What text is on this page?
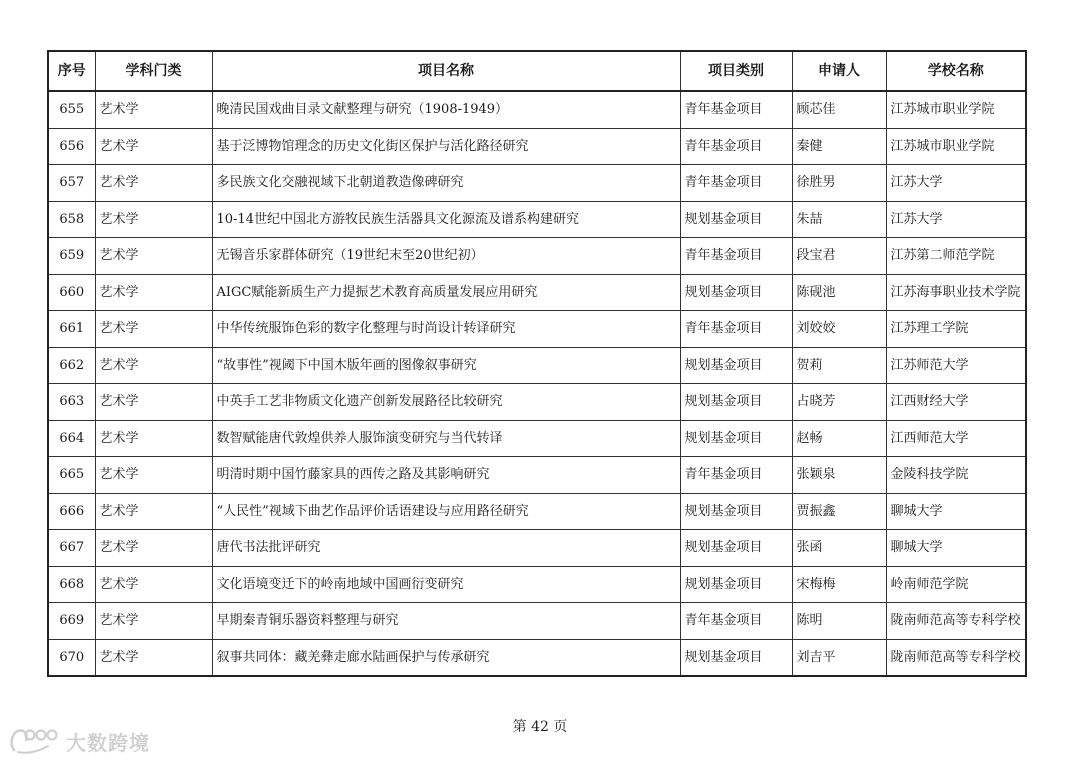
序号	学科门类	项目名称	项目类别	申请人	学校名称
655	艺术学	晚清民国戏曲目录文献整理与研究（1908-1949）	青年基金项目	顾芯佳	江苏城市职业学院
656	艺术学	基于泛博物馆理念的历史文化街区保护与活化路径研究	青年基金项目	秦健	江苏城市职业学院
657	艺术学	多民族文化交融视域下北朝道教造像碑研究	青年基金项目	徐胜男	江苏大学
658	艺术学	10-14世纪中国北方游牧民族生活器具文化源流及谱系构建研究	规划基金项目	朱喆	江苏大学
659	艺术学	无锡音乐家群体研究（19世纪末至20世纪初）	青年基金项目	段宝君	江苏第二师范学院
660	艺术学	AIGC赋能新质生产力提振艺术教育高质量发展应用研究	规划基金项目	陈砚池	江苏海事职业技术学院
661	艺术学	中华传统服饰色彩的数字化整理与时尚设计转译研究	青年基金项目	刘姣姣	江苏理工学院
662	艺术学	“故事性”视阈下中国木版年画的图像叙事研究	规划基金项目	贺莉	江苏师范大学
663	艺术学	中英手工艺非物质文化遗产创新发展路径比较研究	规划基金项目	占晓芳	江西财经大学
664	艺术学	数智赋能唐代敦煌供养人服饰演变研究与当代转译	规划基金项目	赵畅	江西师范大学
665	艺术学	明清时期中国竹藤家具的西传之路及其影响研究	青年基金项目	张颖泉	金陵科技学院
666	艺术学	“人民性”视域下曲艺作品评价话语建设与应用路径研究	规划基金项目	贾振鑫	聊城大学
667	艺术学	唐代书法批评研究	规划基金项目	张函	聊城大学
668	艺术学	文化语境变迁下的岭南地域中国画衍变研究	规划基金项目	宋梅梅	岭南师范学院
669	艺术学	早期秦青铜乐器资料整理与研究	青年基金项目	陈明	陇南师范高等专科学校
670	艺术学	叙事共同体：藏羌彝走廊水陆画保护与传承研究	规划基金项目	刘吉平	陇南师范高等专科学校
第 42 页
大数跨境
